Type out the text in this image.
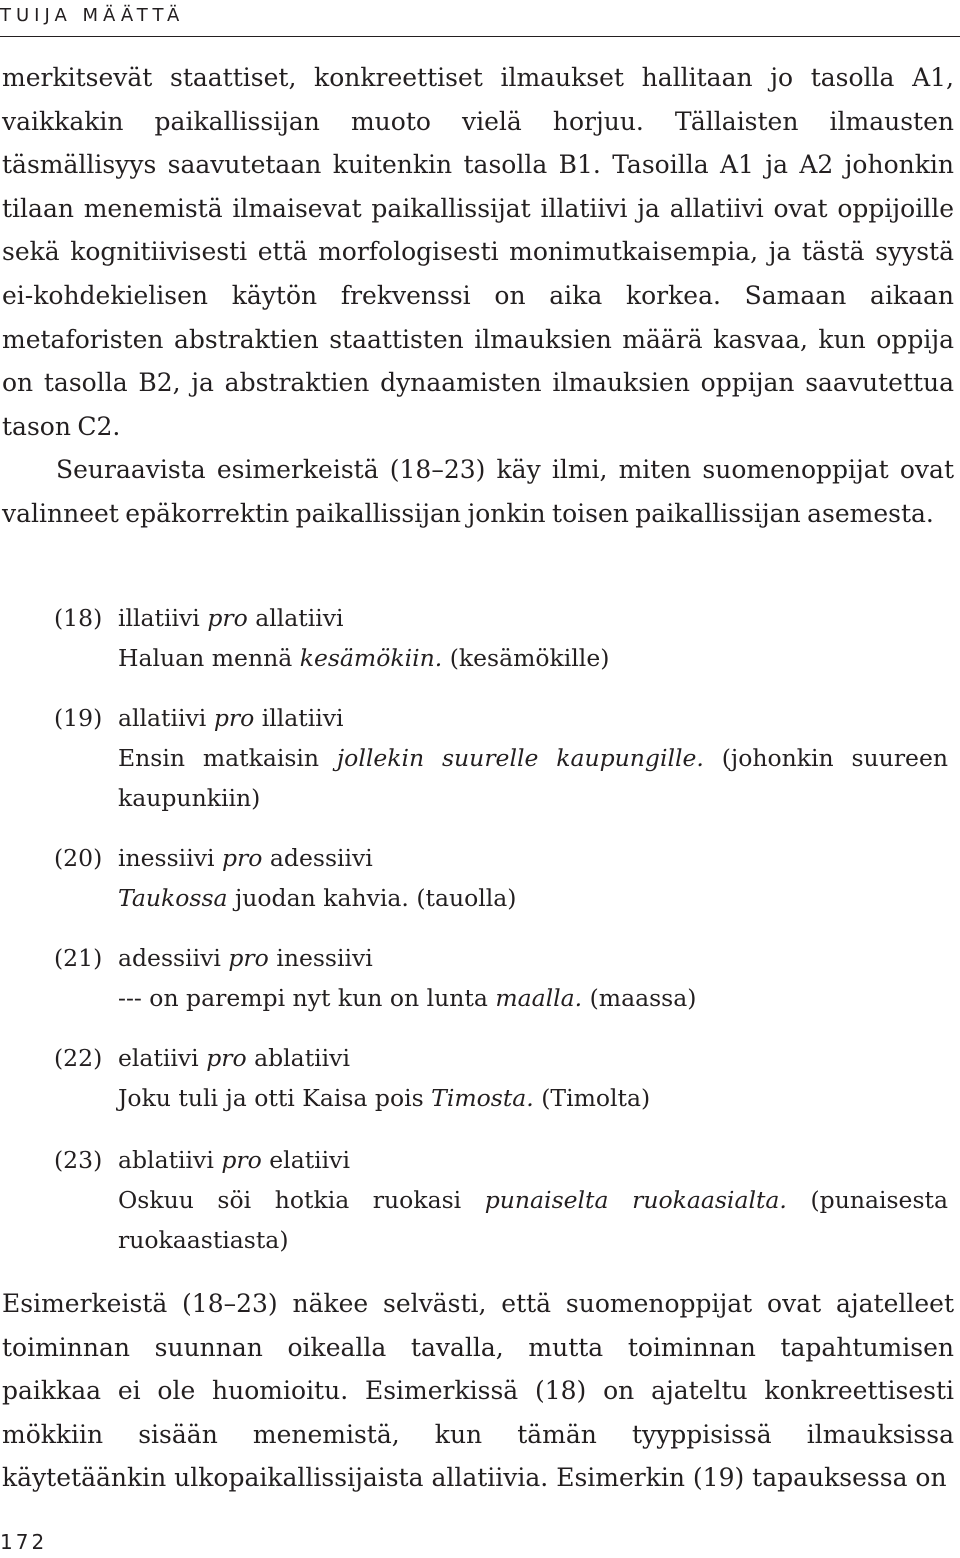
TUIJA MÄÄTTÄ

merkitsevät staattiset, konkreettiset ilmaukset hallitaan jo tasolla A1, vaikkakin paikallissijan muoto vielä horjuu. Tällaisten ilmausten täsmällisyys saavutetaan kuitenkin tasolla B1. Tasoilla A1 ja A2 johonkin tilaan menemistä ilmaisevat paikallissijat illatiivi ja allatiivi ovat oppijoille sekä kognitiivisesti että morfologisesti monimutkaisempia, ja tästä syystä ei-kohdekielisen käytön frekvenssi on aika korkea. Samaan aikaan metaforisten abstraktien staattisten ilmauksien määrä kasvaa, kun oppija on tasolla B2, ja abstraktien dynaamisten ilmauksien oppijan saavutettua tason C2.

Seuraavista esimerkeistä (18–23) käy ilmi, miten suomenoppijat ovat valinneet epäkorrektin paikallissijan jonkin toisen paikallissijan asemesta.

(18) illatiivi pro allatiivi
Haluan mennä kesämökiin. (kesämökille)
(19) allatiivi pro illatiivi
Ensin matkaisin jollekin suurelle kaupungille. (johonkin suureen kaupunkiin)
(20) inessiivi pro adessiivi
Taukossa juodan kahvia. (tauolla)
(21) adessiivi pro inessiivi
--- on parempi nyt kun on lunta maalla. (maassa)
(22) elatiivi pro ablatiivi
Joku tuli ja otti Kaisa pois Timosta. (Timolta)
(23) ablatiivi pro elatiivi
Oskuu söi hotkia ruokasi punaiselta ruokaasialta. (punaisesta ruokaastiasta)

Esimerkeistä (18–23) näkee selvästi, että suomenoppijat ovat ajatelleet toiminnan suunnan oikealla tavalla, mutta toiminnan tapahtumisen paikkaa ei ole huomioitu. Esimerkissä (18) on ajateltu konkreettisesti mökkiin sisään menemistä, kun tämän tyyppisissä ilmauksissa käytetäänkin ulkopaikallissijaista allatiivia. Esimerkin (19) tapauksessa on

172
